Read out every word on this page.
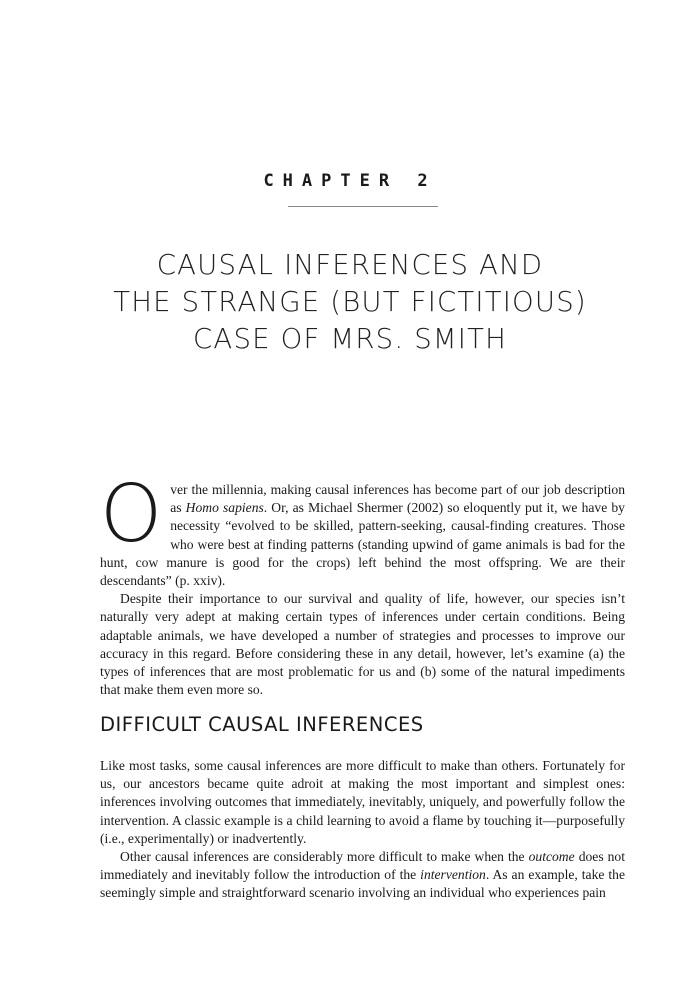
CHAPTER 2
CAUSAL INFERENCES AND
THE STRANGE (BUT FICTITIOUS)
CASE OF MRS. SMITH

Over the millennia, making causal inferences has become part of our job description as Homo sapiens. Or, as Michael Shermer (2002) so eloquently put it, we have by necessity “evolved to be skilled, pattern-seeking, causal-finding creatures. Those who were best at finding patterns (standing upwind of game animals is bad for the hunt, cow manure is good for the crops) left behind the most offspring. We are their descendants” (p. xxiv).

Despite their importance to our survival and quality of life, however, our species isn’t naturally very adept at making certain types of inferences under certain conditions. Being adaptable animals, we have developed a number of strategies and processes to improve our accuracy in this regard. Before considering these in any detail, however, let’s examine (a) the types of inferences that are most problematic for us and (b) some of the natural impediments that make them even more so.

DIFFICULT CAUSAL INFERENCES

Like most tasks, some causal inferences are more difficult to make than others. Fortunately for us, our ancestors became quite adroit at making the most important and simplest ones: inferences involving outcomes that immediately, inevitably, uniquely, and powerfully follow the intervention. A classic example is a child learning to avoid a flame by touching it—purposefully (i.e., experimentally) or inadvertently.

Other causal inferences are considerably more difficult to make when the outcome does not immediately and inevitably follow the introduction of the intervention. As an example, take the seemingly simple and straightforward scenario involving an individual who experiences pain
